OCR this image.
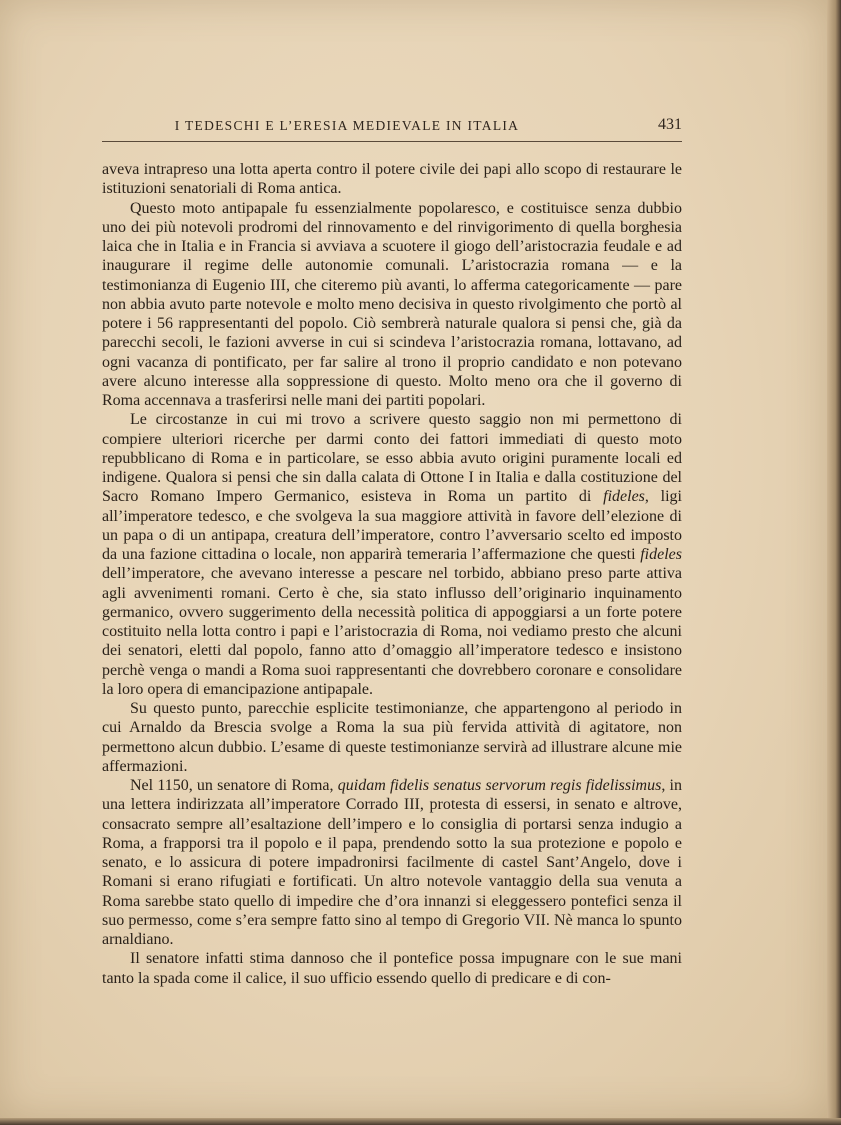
I TEDESCHI E L’ERESIA MEDIEVALE IN ITALIA	431

aveva intrapreso una lotta aperta contro il potere civile dei papi allo scopo di restaurare le istituzioni senatoriali di Roma antica.

Questo moto antipapale fu essenzialmente popolaresco, e costituisce senza dubbio uno dei più notevoli prodromi del rinnovamento e del rinvigorimento di quella borghesia laica che in Italia e in Francia si avviava a scuotere il giogo dell’aristocrazia feudale e ad inaugurare il regime delle autonomie comunali. L’aristocrazia romana — e la testimonianza di Eugenio III, che citeremo più avanti, lo afferma categoricamente — pare non abbia avuto parte notevole e molto meno decisiva in questo rivolgimento che portò al potere i 56 rappresentanti del popolo. Ciò sembrerà naturale qualora si pensi che, già da parecchi secoli, le fazioni avverse in cui si scindeva l’aristocrazia romana, lottavano, ad ogni vacanza di pontificato, per far salire al trono il proprio candidato e non potevano avere alcuno interesse alla soppressione di questo. Molto meno ora che il governo di Roma accennava a trasferirsi nelle mani dei partiti popolari.

Le circostanze in cui mi trovo a scrivere questo saggio non mi permettono di compiere ulteriori ricerche per darmi conto dei fattori immediati di questo moto repubblicano di Roma e in particolare, se esso abbia avuto origini puramente locali ed indigene. Qualora si pensi che sin dalla calata di Ottone I in Italia e dalla costituzione del Sacro Romano Impero Germanico, esisteva in Roma un partito di fideles, ligi all’imperatore tedesco, e che svolgeva la sua maggiore attività in favore dell’elezione di un papa o di un antipapa, creatura dell’imperatore, contro l’avversario scelto ed imposto da una fazione cittadina o locale, non apparirà temeraria l’affermazione che questi fideles dell’imperatore, che avevano interesse a pescare nel torbido, abbiano preso parte attiva agli avvenimenti romani. Certo è che, sia stato influsso dell’originario inquinamento germanico, ovvero suggerimento della necessità politica di appoggiarsi a un forte potere costituito nella lotta contro i papi e l’aristocrazia di Roma, noi vediamo presto che alcuni dei senatori, eletti dal popolo, fanno atto d’omaggio all’imperatore tedesco e insistono perchè venga o mandi a Roma suoi rappresentanti che dovrebbero coronare e consolidare la loro opera di emancipazione antipapale.

Su questo punto, parecchie esplicite testimonianze, che appartengono al periodo in cui Arnaldo da Brescia svolge a Roma la sua più fervida attività di agitatore, non permettono alcun dubbio. L’esame di queste testimonianze servirà ad illustrare alcune mie affermazioni.

Nel 1150, un senatore di Roma, quidam fidelis senatus servorum regis fidelissimus, in una lettera indirizzata all’imperatore Corrado III, protesta di essersi, in senato e altrove, consacrato sempre all’esaltazione dell’impero e lo consiglia di portarsi senza indugio a Roma, a frapporsi tra il popolo e il papa, prendendo sotto la sua protezione e popolo e senato, e lo assicura di potere impadronirsi facilmente di castel Sant’Angelo, dove i Romani si erano rifugiati e fortificati. Un altro notevole vantaggio della sua venuta a Roma sarebbe stato quello di impedire che d’ora innanzi si eleggessero pontefici senza il suo permesso, come s’era sempre fatto sino al tempo di Gregorio VII. Nè manca lo spunto arnaldiano.

Il senatore infatti stima dannoso che il pontefice possa impugnare con le sue mani tanto la spada come il calice, il suo ufficio essendo quello di predicare e di con-
